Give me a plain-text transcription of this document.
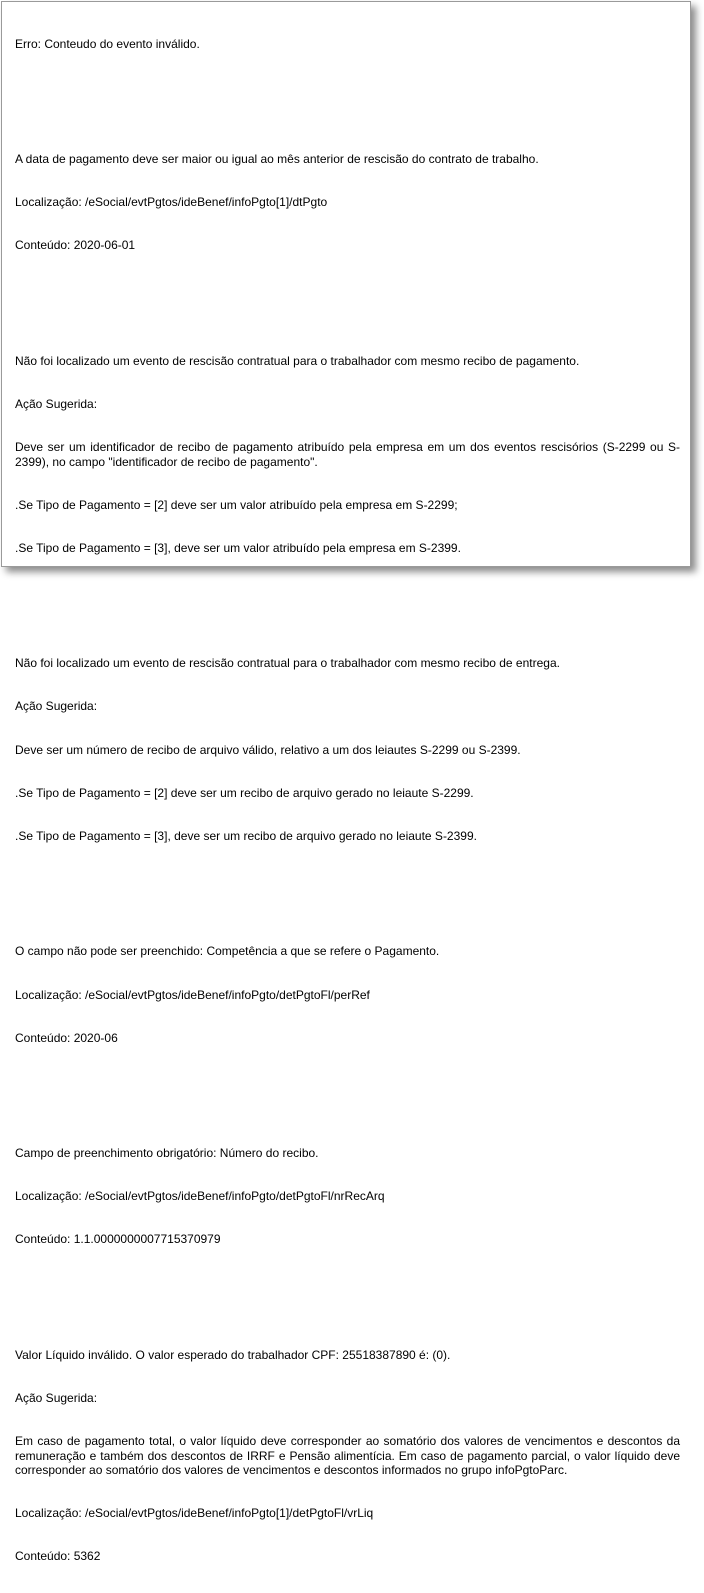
Erro: Conteudo do evento inválido.

A data de pagamento deve ser maior ou igual ao mês anterior de rescisão do contrato de trabalho.

Localização: /eSocial/evtPgtos/ideBenef/infoPgto[1]/dtPgto

Conteúdo: 2020-06-01

Não foi localizado um evento de rescisão contratual para o trabalhador com mesmo recibo de pagamento.

Ação Sugerida:

Deve ser um identificador de recibo de pagamento atribuído pela empresa em um dos eventos rescisórios (S-2299 ou S-2399), no campo "identificador de recibo de pagamento".

.Se Tipo de Pagamento = [2] deve ser um valor atribuído pela empresa em S-2299;

.Se Tipo de Pagamento = [3], deve ser um valor atribuído pela empresa em S-2399.

Não foi localizado um evento de rescisão contratual para o trabalhador com mesmo recibo de entrega.

Ação Sugerida:

Deve ser um número de recibo de arquivo válido, relativo a um dos leiautes S-2299 ou S-2399.

.Se Tipo de Pagamento = [2] deve ser um recibo de arquivo gerado no leiaute S-2299.

.Se Tipo de Pagamento = [3], deve ser um recibo de arquivo gerado no leiaute S-2399.

O campo não pode ser preenchido: Competência a que se refere o Pagamento.

Localização: /eSocial/evtPgtos/ideBenef/infoPgto/detPgtoFl/perRef

Conteúdo: 2020-06

Campo de preenchimento obrigatório: Número do recibo.

Localização: /eSocial/evtPgtos/ideBenef/infoPgto/detPgtoFl/nrRecArq

Conteúdo: 1.1.0000000007715370979

Valor Líquido inválido. O valor esperado do trabalhador CPF: 25518387890 é: (0).

Ação Sugerida:

Em caso de pagamento total, o valor líquido deve corresponder ao somatório dos valores de vencimentos e descontos da remuneração e também dos descontos de IRRF e Pensão alimentícia. Em caso de pagamento parcial, o valor líquido deve corresponder ao somatório dos valores de vencimentos e descontos informados no grupo infoPgtoParc.

Localização: /eSocial/evtPgtos/ideBenef/infoPgto[1]/detPgtoFl/vrLiq

Conteúdo: 5362
